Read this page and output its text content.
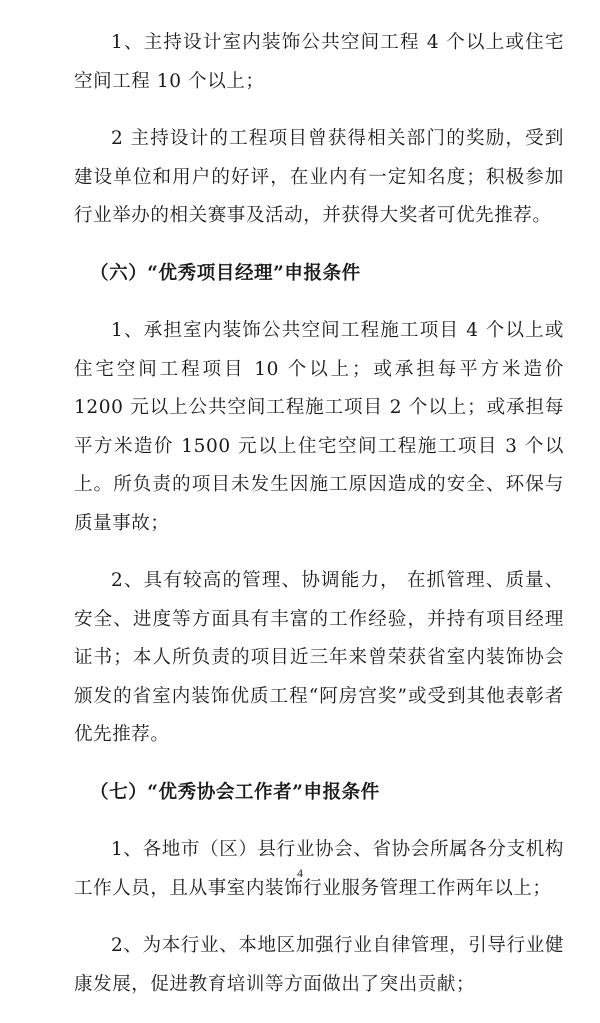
1、主持设计室内装饰公共空间工程 4 个以上或住宅空间工程 10 个以上；

2 主持设计的工程项目曾获得相关部门的奖励，受到建设单位和用户的好评，在业内有一定知名度；积极参加行业举办的相关赛事及活动，并获得大奖者可优先推荐。

（六）“优秀项目经理”申报条件

1、承担室内装饰公共空间工程施工项目 4 个以上或住宅空间工程项目 10 个以上；或承担每平方米造价 1200 元以上公共空间工程施工项目 2 个以上；或承担每平方米造价 1500 元以上住宅空间工程施工项目 3 个以上。所负责的项目未发生因施工原因造成的安全、环保与质量事故；

2、具有较高的管理、协调能力， 在抓管理、质量、安全、进度等方面具有丰富的工作经验，并持有项目经理证书；本人所负责的项目近三年来曾荣获省室内装饰协会颁发的省室内装饰优质工程“阿房宫奖”或受到其他表彰者优先推荐。

（七）“优秀协会工作者”申报条件

1、各地市（区）县行业协会、省协会所属各分支机构工作人员，且从事室内装饰行业服务管理工作两年以上；

2、为本行业、本地区加强行业自律管理，引导行业健康发展，促进教育培训等方面做出了突出贡献；

4
